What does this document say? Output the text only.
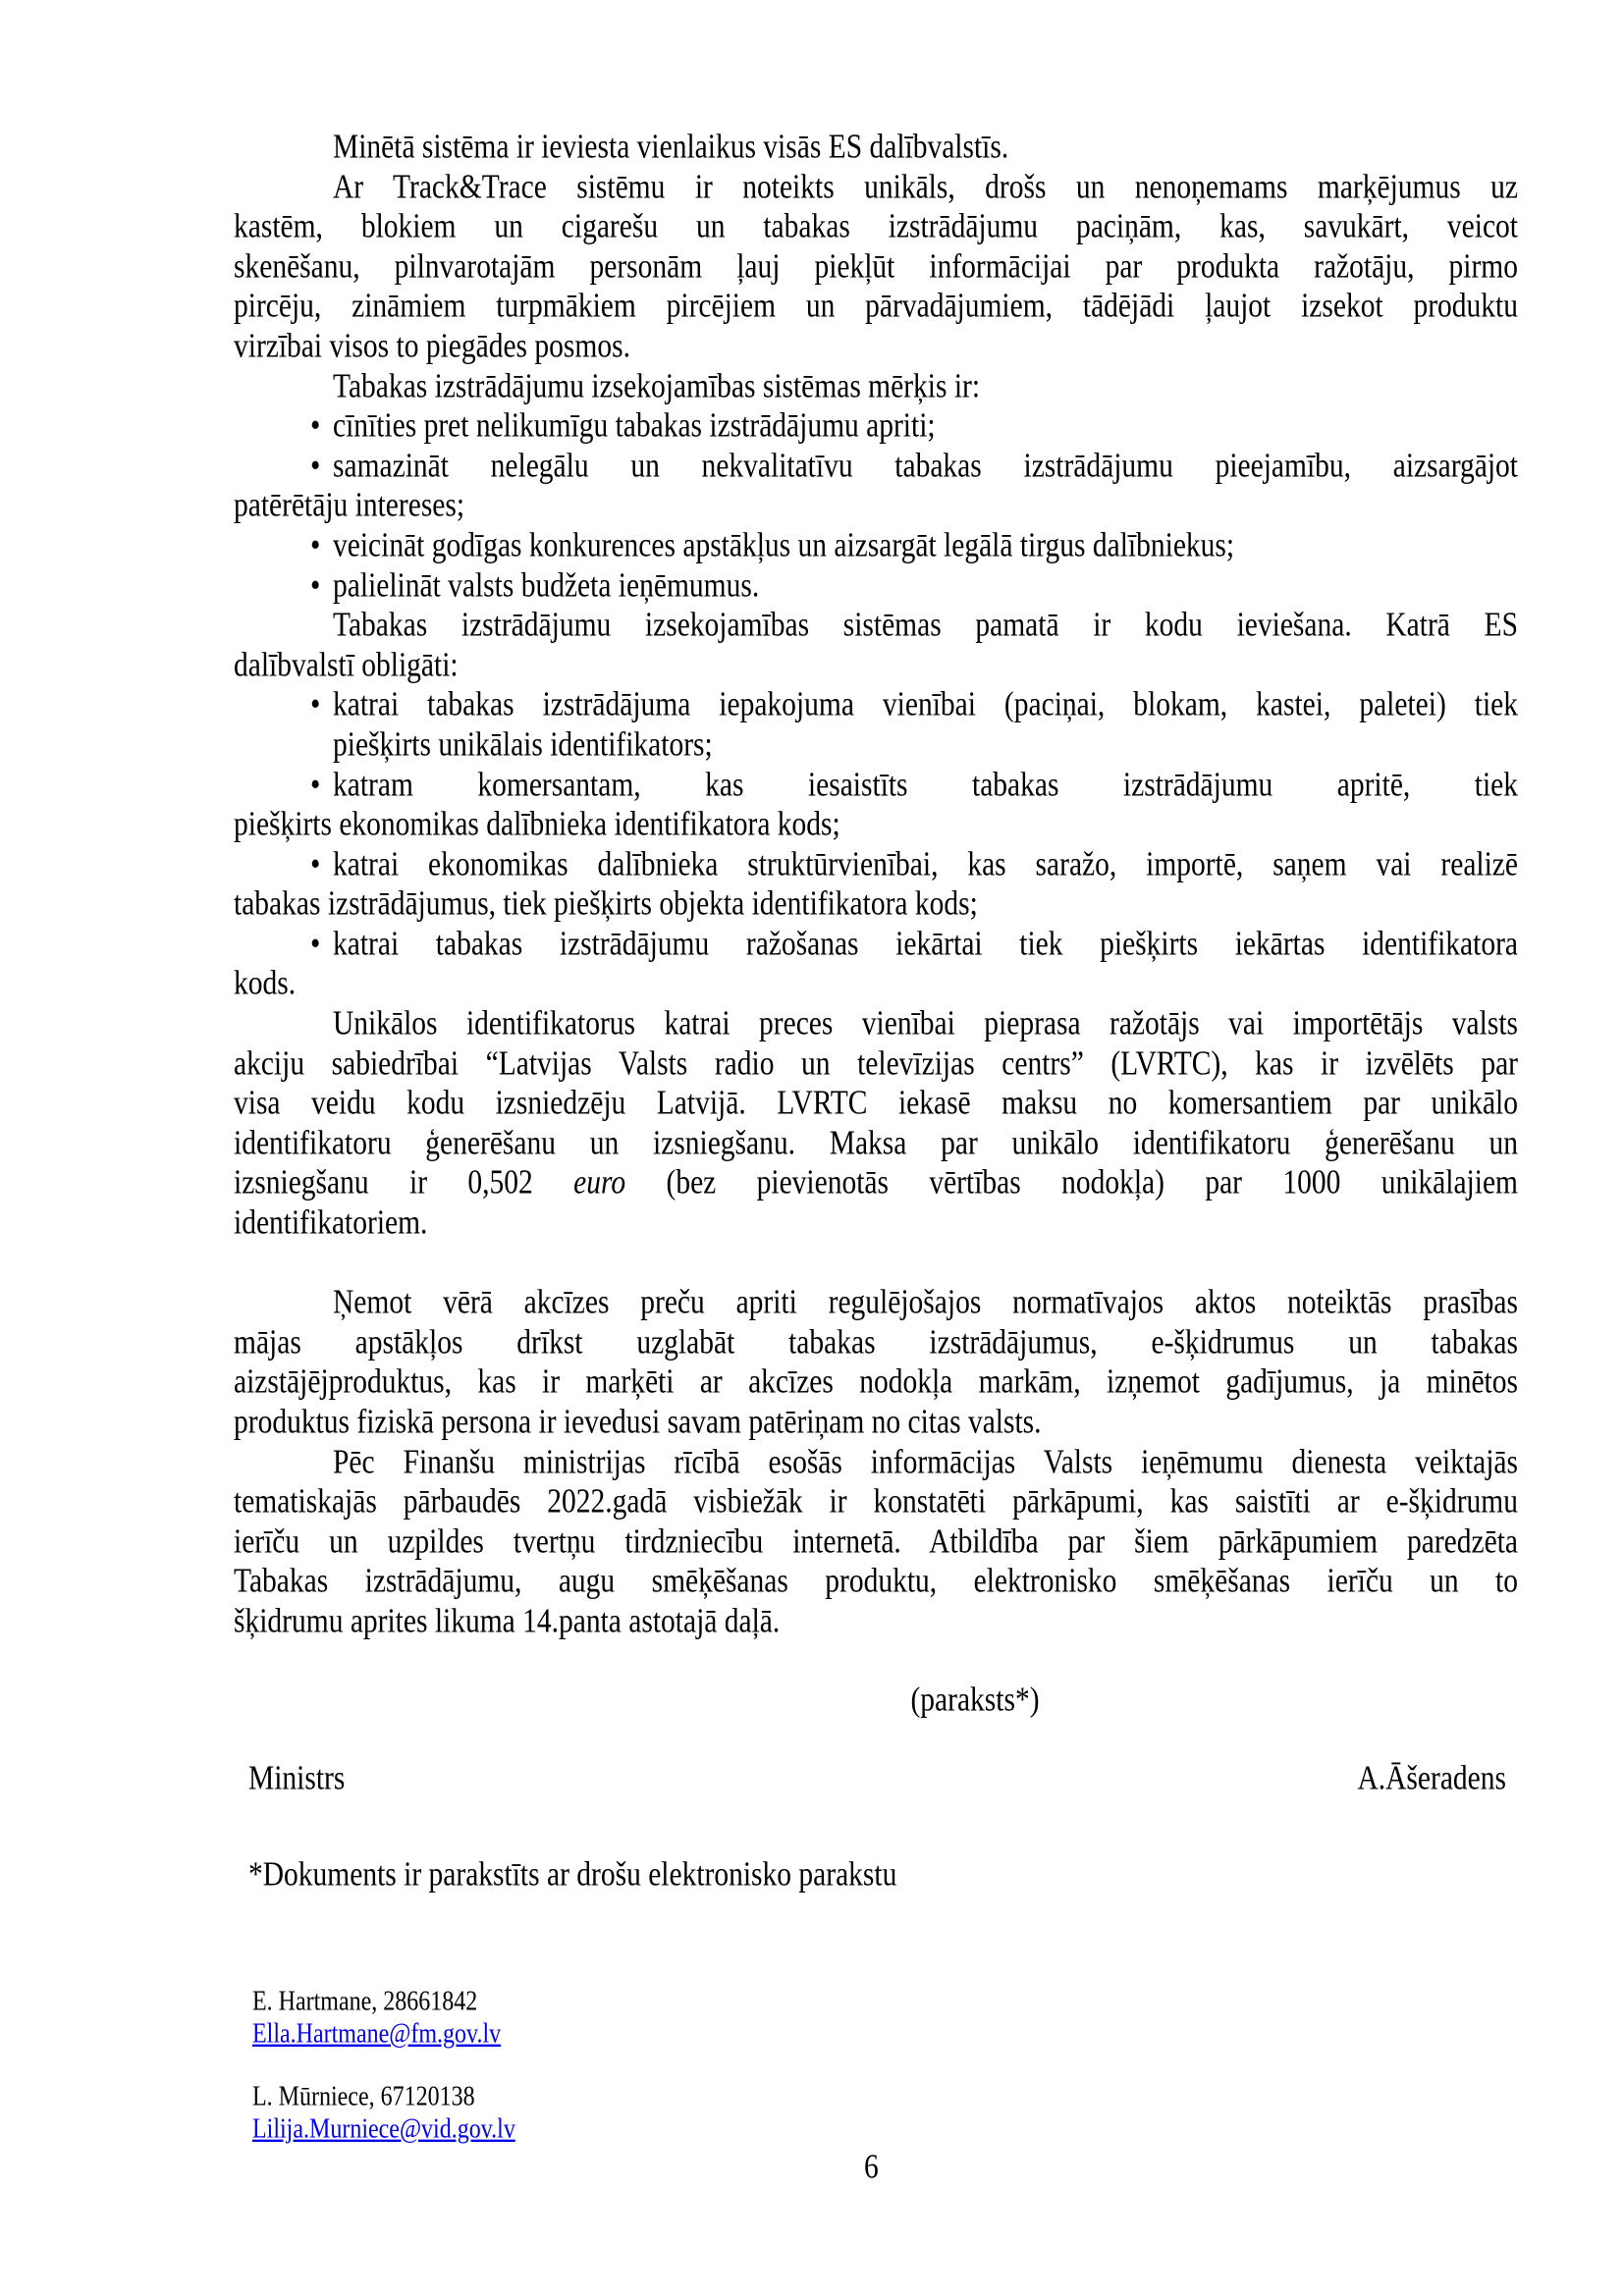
Minētā sistēma ir ieviesta vienlaikus visās ES dalībvalstīs.
Ar Track&Trace sistēmu ir noteikts unikāls, drošs un nenoņemams marķējumus uz
kastēm, blokiem un cigarešu un tabakas izstrādājumu paciņām, kas, savukārt, veicot
skenēšanu, pilnvarotajām personām ļauj piekļūt informācijai par produkta ražotāju, pirmo
pircēju, zināmiem turpmākiem pircējiem un pārvadājumiem, tādējādi ļaujot izsekot produktu
virzībai visos to piegādes posmos.
Tabakas izstrādājumu izsekojamības sistēmas mērķis ir:
• cīnīties pret nelikumīgu tabakas izstrādājumu apriti;
• samazināt nelegālu un nekvalitatīvu tabakas izstrādājumu pieejamību, aizsargājot
patērētāju intereses;
• veicināt godīgas konkurences apstākļus un aizsargāt legālā tirgus dalībniekus;
• palielināt valsts budžeta ieņēmumus.
Tabakas izstrādājumu izsekojamības sistēmas pamatā ir kodu ieviešana. Katrā ES
dalībvalstī obligāti:
• katrai tabakas izstrādājuma iepakojuma vienībai (paciņai, blokam, kastei, paletei) tiek
piešķirts unikālais identifikators;
• katram komersantam, kas iesaistīts tabakas izstrādājumu apritē, tiek
piešķirts ekonomikas dalībnieka identifikatora kods;
• katrai ekonomikas dalībnieka struktūrvienībai, kas saražo, importē, saņem vai realizē
tabakas izstrādājumus, tiek piešķirts objekta identifikatora kods;
• katrai tabakas izstrādājumu ražošanas iekārtai tiek piešķirts iekārtas identifikatora
kods.
Unikālos identifikatorus katrai preces vienībai pieprasa ražotājs vai importētājs valsts
akciju sabiedrībai “Latvijas Valsts radio un televīzijas centrs” (LVRTC), kas ir izvēlēts par
visa veidu kodu izsniedzēju Latvijā. LVRTC iekasē maksu no komersantiem par unikālo
identifikatoru ģenerēšanu un izsniegšanu. Maksa par unikālo identifikatoru ģenerēšanu un
izsniegšanu ir 0,502 euro (bez pievienotās vērtības nodokļa) par 1000 unikālajiem
identifikatoriem.
Ņemot vērā akcīzes preču apriti regulējošajos normatīvajos aktos noteiktās prasības
mājas apstākļos drīkst uzglabāt tabakas izstrādājumus, e-šķidrumus un tabakas
aizstājējproduktus, kas ir marķēti ar akcīzes nodokļa markām, izņemot gadījumus, ja minētos
produktus fiziskā persona ir ievedusi savam patēriņam no citas valsts.
Pēc Finanšu ministrijas rīcībā esošās informācijas Valsts ieņēmumu dienesta veiktajās
tematiskajās pārbaudēs 2022.gadā visbiežāk ir konstatēti pārkāpumi, kas saistīti ar e-šķidrumu
ierīču un uzpildes tvertņu tirdzniecību internetā. Atbildība par šiem pārkāpumiem paredzēta
Tabakas izstrādājumu, augu smēķēšanas produktu, elektronisko smēķēšanas ierīču un to
šķidrumu aprites likuma 14.panta astotajā daļā.
(paraksts*)
Ministrs	A.Āšeradens
*Dokuments ir parakstīts ar drošu elektronisko parakstu
E. Hartmane, 28661842
Ella.Hartmane@fm.gov.lv
L. Mūrniece, 67120138
Lilija.Murniece@vid.gov.lv
6
